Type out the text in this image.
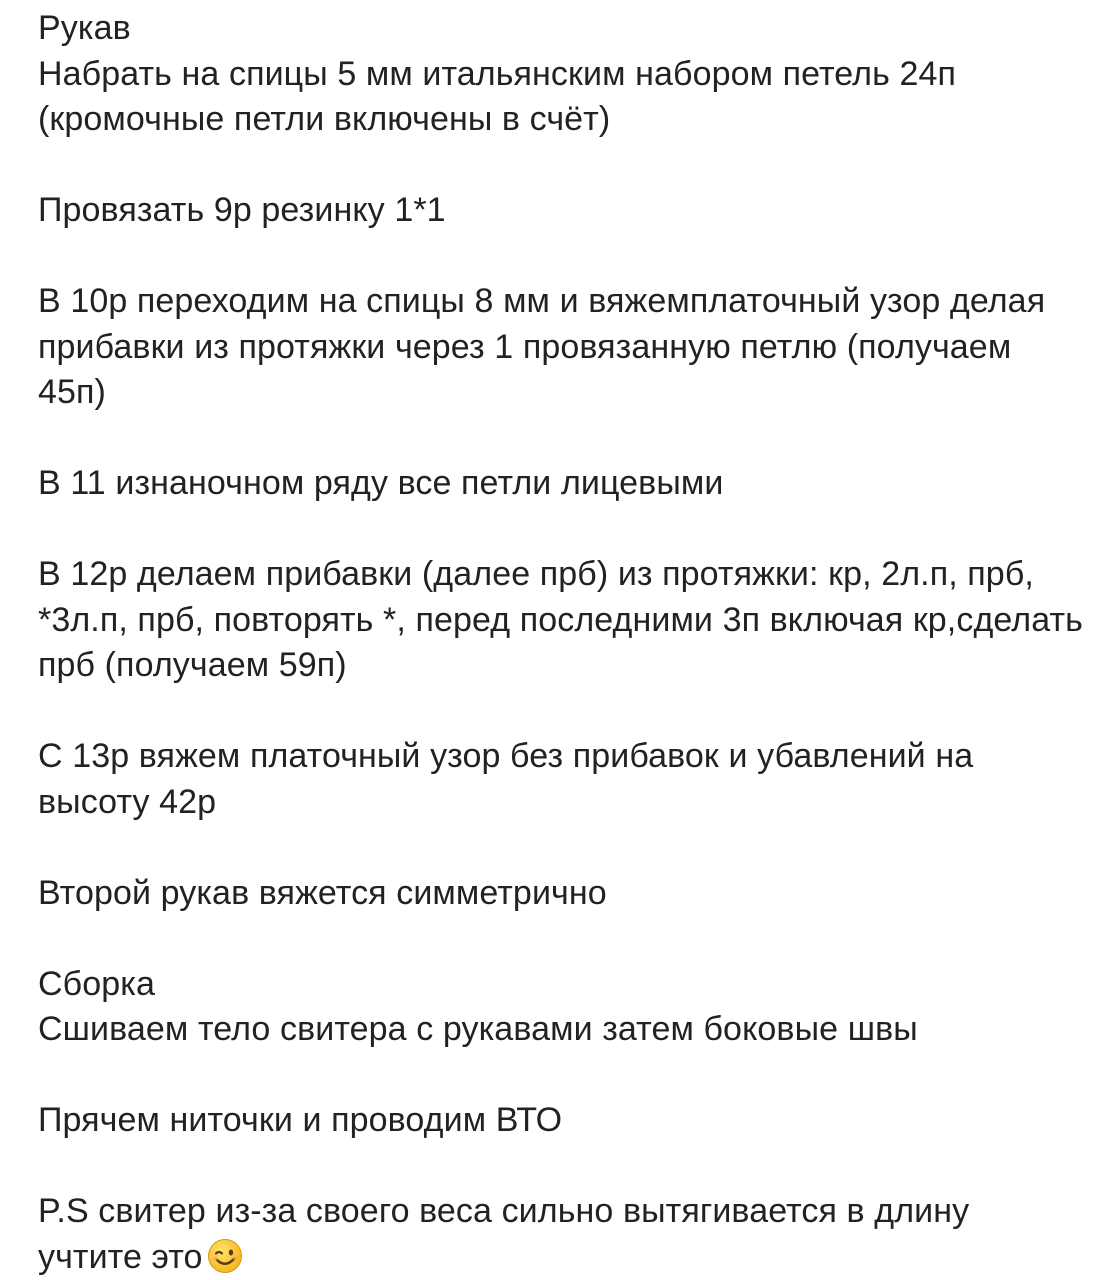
Рукав

Набрать на спицы 5 мм итальянским набором петель 24п

(кромочные петли включены в счёт)

Провязать 9р резинку 1*1

В 10р переходим на спицы 8 мм и вяжемплаточный узор делая прибавки из протяжки через 1 провязанную петлю (получаем 45п)

В 11 изнаночном ряду все петли лицевыми

В 12р делаем прибавки (далее прб) из протяжки: кр, 2л.п, прб, *3л.п, прб, повторять *, перед последними 3п включая кр,сделать прб (получаем 59п)

С 13р вяжем платочный узор без прибавок и убавлений на высоту 42р

Второй рукав вяжется симметрично

Сборка

Сшиваем тело свитера с рукавами затем боковые швы

Прячем ниточки и проводим ВТО

P.S свитер из-за своего веса сильно вытягивается в длину

учтите это
